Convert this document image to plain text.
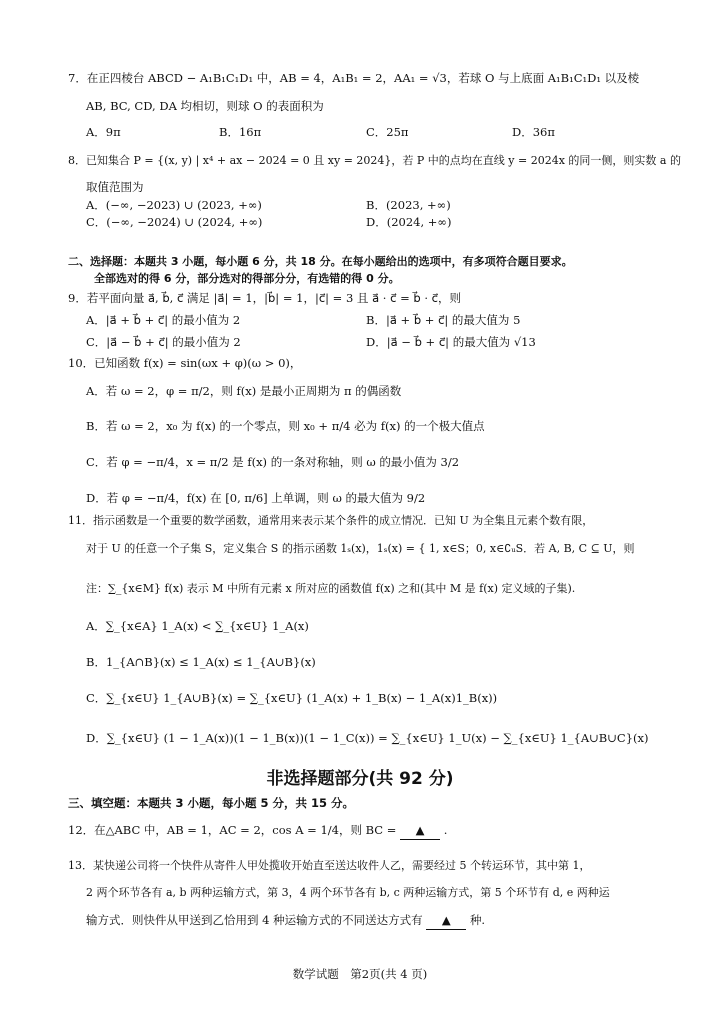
7．在正四棱台 ABCD − A₁B₁C₁D₁ 中，AB = 4，A₁B₁ = 2，AA₁ = √3，若球 O 与上底面 A₁B₁C₁D₁ 以及棱
AB, BC, CD, DA 均相切，则球 O 的表面积为
A．9π	B．16π	C．25π	D．36π
8．已知集合 P = {(x, y) | x⁴ + ax − 2024 = 0 且 xy = 2024}，若 P 中的点均在直线 y = 2024x 的同一侧，则实数 a 的
取值范围为
A．(−∞, −2023) ∪ (2023, +∞)	B．(2023, +∞)
C．(−∞, −2024) ∪ (2024, +∞)	D．(2024, +∞)
二、选择题：本题共 3 小题，每小题 6 分，共 18 分。在每小题给出的选项中，有多项符合题目要求。
全部选对的得 6 分，部分选对的得部分分，有选错的得 0 分。
9．若平面向量 a⃗, b⃗, c⃗ 满足 |a⃗| = 1，|b⃗| = 1，|c⃗| = 3 且 a⃗ · c⃗ = b⃗ · c⃗，则
A．|a⃗ + b⃗ + c⃗| 的最小值为 2	B．|a⃗ + b⃗ + c⃗| 的最大值为 5
C．|a⃗ − b⃗ + c⃗| 的最小值为 2	D．|a⃗ − b⃗ + c⃗| 的最大值为 √13
10．已知函数 f(x) = sin(ωx + φ)(ω > 0)，
A．若 ω = 2，φ = π/2，则 f(x) 是最小正周期为 π 的偶函数
B．若 ω = 2，x₀ 为 f(x) 的一个零点，则 x₀ + π/4 必为 f(x) 的一个极大值点
C．若 φ = −π/4，x = π/2 是 f(x) 的一条对称轴，则 ω 的最小值为 3/2
D．若 φ = −π/4，f(x) 在 [0, π/6] 上单调，则 ω 的最大值为 9/2
11．指示函数是一个重要的数学函数，通常用来表示某个条件的成立情况．已知 U 为全集且元素个数有限，
对于 U 的任意一个子集 S，定义集合 S 的指示函数 1ₛ(x)，1ₛ(x) = { 1, x∈S；0, x∈∁ᵤS．若 A, B, C ⊆ U，则
注：∑_{x∈M} f(x) 表示 M 中所有元素 x 所对应的函数值 f(x) 之和(其中 M 是 f(x) 定义域的子集).
A．∑_{x∈A} 1_A(x) < ∑_{x∈U} 1_A(x)
B．1_{A∩B}(x) ≤ 1_A(x) ≤ 1_{A∪B}(x)
C．∑_{x∈U} 1_{A∪B}(x) = ∑_{x∈U} (1_A(x) + 1_B(x) − 1_A(x)1_B(x))
D．∑_{x∈U} (1 − 1_A(x))(1 − 1_B(x))(1 − 1_C(x)) = ∑_{x∈U} 1_U(x) − ∑_{x∈U} 1_{A∪B∪C}(x)
非选择题部分(共 92 分)
三、填空题：本题共 3 小题，每小题 5 分，共 15 分。
12．在△ABC 中，AB = 1，AC = 2，cos A = 1/4，则 BC = ▲ .
13．某快递公司将一个快件从寄件人甲处揽收开始直至送达收件人乙，需要经过 5 个转运环节，其中第 1，
2 两个环节各有 a, b 两种运输方式，第 3，4 两个环节各有 b, c 两种运输方式，第 5 个环节有 d, e 两种运
输方式．则快件从甲送到乙恰用到 4 种运输方式的不同送达方式有 ▲ 种.
数学试题　第2页(共 4 页)
